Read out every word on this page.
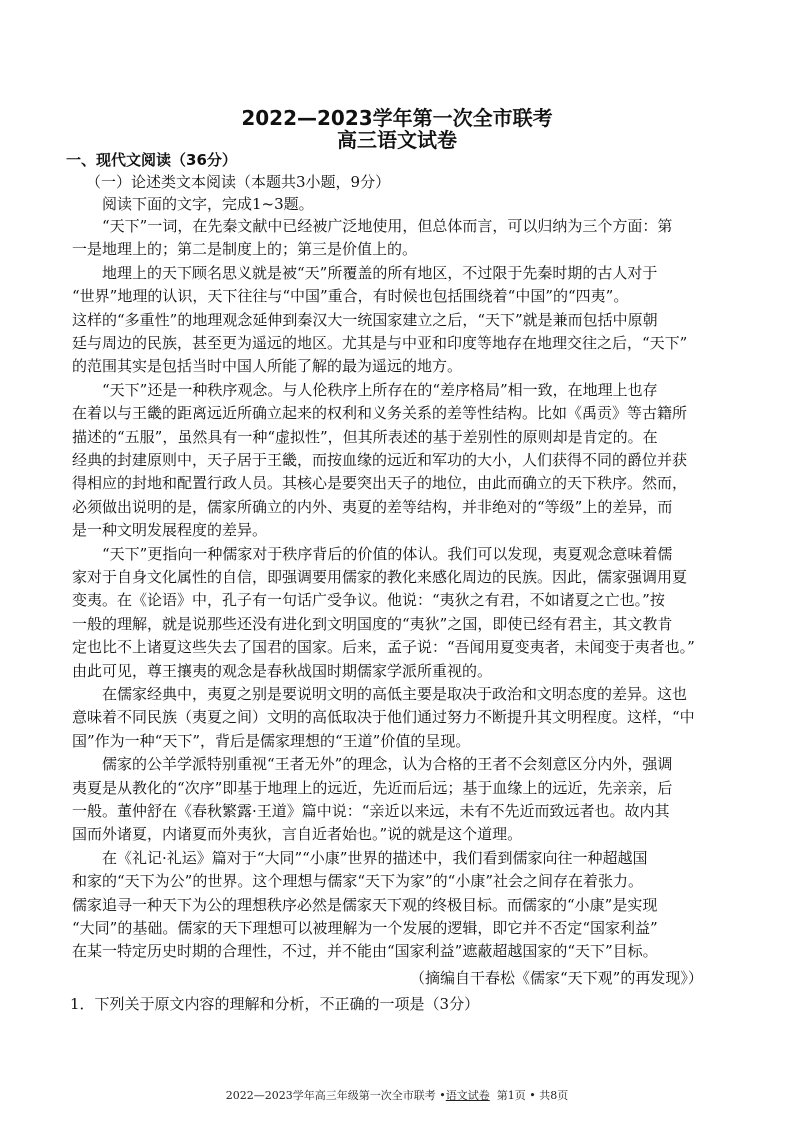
2022—2023学年第一次全市联考
高三语文试卷
一、现代文阅读（36分）
（一）论述类文本阅读（本题共3小题，9分）
阅读下面的文字，完成1~3题。
“天下”一词，在先秦文献中已经被广泛地使用，但总体而言，可以归纳为三个方面：第
一是地理上的；第二是制度上的；第三是价值上的。
地理上的天下顾名思义就是被“天”所覆盖的所有地区，不过限于先秦时期的古人对于
“世界”地理的认识，天下往往与“中国”重合，有时候也包括围绕着“中国”的“四夷”。
这样的“多重性”的地理观念延伸到秦汉大一统国家建立之后，“天下”就是兼而包括中原朝
廷与周边的民族，甚至更为遥远的地区。尤其是与中亚和印度等地存在地理交往之后，“天下”
的范围其实是包括当时中国人所能了解的最为遥远的地方。
“天下”还是一种秩序观念。与人伦秩序上所存在的“差序格局”相一致，在地理上也存
在着以与王畿的距离远近所确立起来的权利和义务关系的差等性结构。比如《禹贡》等古籍所
描述的“五服”，虽然具有一种“虚拟性”，但其所表述的基于差别性的原则却是肯定的。在
经典的封建原则中，天子居于王畿，而按血缘的远近和军功的大小，人们获得不同的爵位并获
得相应的封地和配置行政人员。其核心是要突出天子的地位，由此而确立的天下秩序。然而，
必须做出说明的是，儒家所确立的内外、夷夏的差等结构，并非绝对的“等级”上的差异，而
是一种文明发展程度的差异。
“天下”更指向一种儒家对于秩序背后的价值的体认。我们可以发现，夷夏观念意味着儒
家对于自身文化属性的自信，即强调要用儒家的教化来感化周边的民族。因此，儒家强调用夏
变夷。在《论语》中，孔子有一句话广受争议。他说：“夷狄之有君，不如诸夏之亡也。”按
一般的理解，就是说那些还没有进化到文明国度的“夷狄”之国，即使已经有君主，其文教肯
定也比不上诸夏这些失去了国君的国家。后来，孟子说：“吾闻用夏变夷者，未闻变于夷者也。”
由此可见，尊王攘夷的观念是春秋战国时期儒家学派所重视的。
在儒家经典中，夷夏之别是要说明文明的高低主要是取决于政治和文明态度的差异。这也
意味着不同民族（夷夏之间）文明的高低取决于他们通过努力不断提升其文明程度。这样，“中
国”作为一种“天下”，背后是儒家理想的“王道”价值的呈现。
儒家的公羊学派特别重视“王者无外”的理念，认为合格的王者不会刻意区分内外，强调
夷夏是从教化的“次序”即基于地理上的远近，先近而后远；基于血缘上的远近，先亲亲，后
一般。董仲舒在《春秋繁露·王道》篇中说：“亲近以来远，未有不先近而致远者也。故内其
国而外诸夏，内诸夏而外夷狄，言自近者始也。”说的就是这个道理。
在《礼记·礼运》篇对于“大同”“小康”世界的描述中，我们看到儒家向往一种超越国
和家的“天下为公”的世界。这个理想与儒家“天下为家”的“小康”社会之间存在着张力。
儒家追寻一种天下为公的理想秩序必然是儒家天下观的终极目标。而儒家的“小康”是实现
“大同”的基础。儒家的天下理想可以被理解为一个发展的逻辑，即它并不否定“国家利益”
在某一特定历史时期的合理性，不过，并不能由“国家利益”遮蔽超越国家的“天下”目标。
（摘编自干春松《儒家“天下观”的再发现》）
1．下列关于原文内容的理解和分析，不正确的一项是（3分）
2022—2023学年高三年级第一次全市联考 •语文试卷 第1页 • 共8页
